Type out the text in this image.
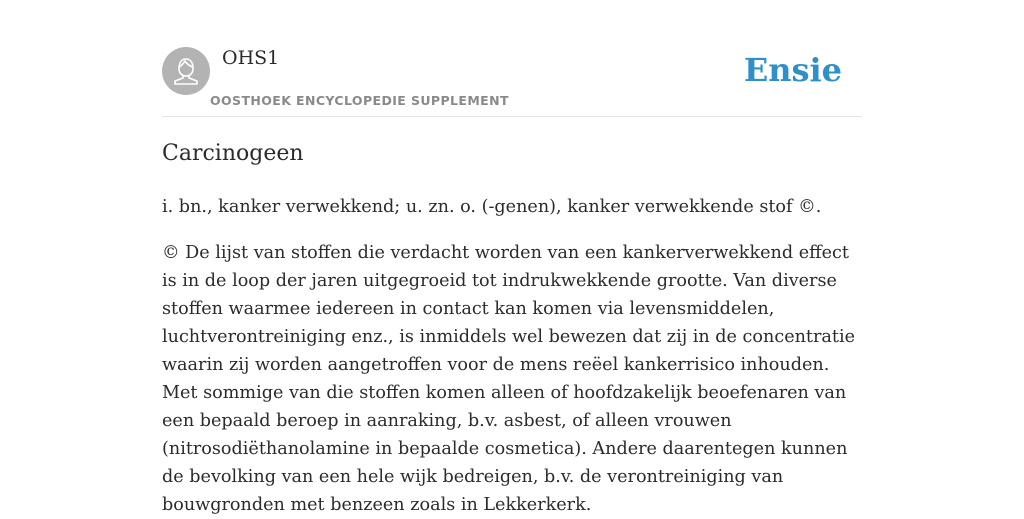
OHS1
OOSTHOEK ENCYCLOPEDIE SUPPLEMENT
Ensie
Carcinogeen

i. bn., kanker verwekkend; u. zn. o. (-genen), kanker verwekkende stof ©.

© De lijst van stoffen die verdacht worden van een kankerverwekkend effect is in de loop der jaren uitgegroeid tot indrukwekkende grootte. Van diverse stoffen waarmee iedereen in contact kan komen via levensmiddelen, luchtverontreiniging enz., is inmiddels wel bewezen dat zij in de concentratie waarin zij worden aangetroffen voor de mens reëel kankerrisico inhouden. Met sommige van die stoffen komen alleen of hoofdzakelijk beoefenaren van een bepaald beroep in aanraking, b.v. asbest, of alleen vrouwen (nitrosodiëthanolamine in bepaalde cosmetica). Andere daarentegen kunnen de bevolking van een hele wijk bedreigen, b.v. de verontreiniging van bouwgronden met benzeen zoals in Lekkerkerk.
